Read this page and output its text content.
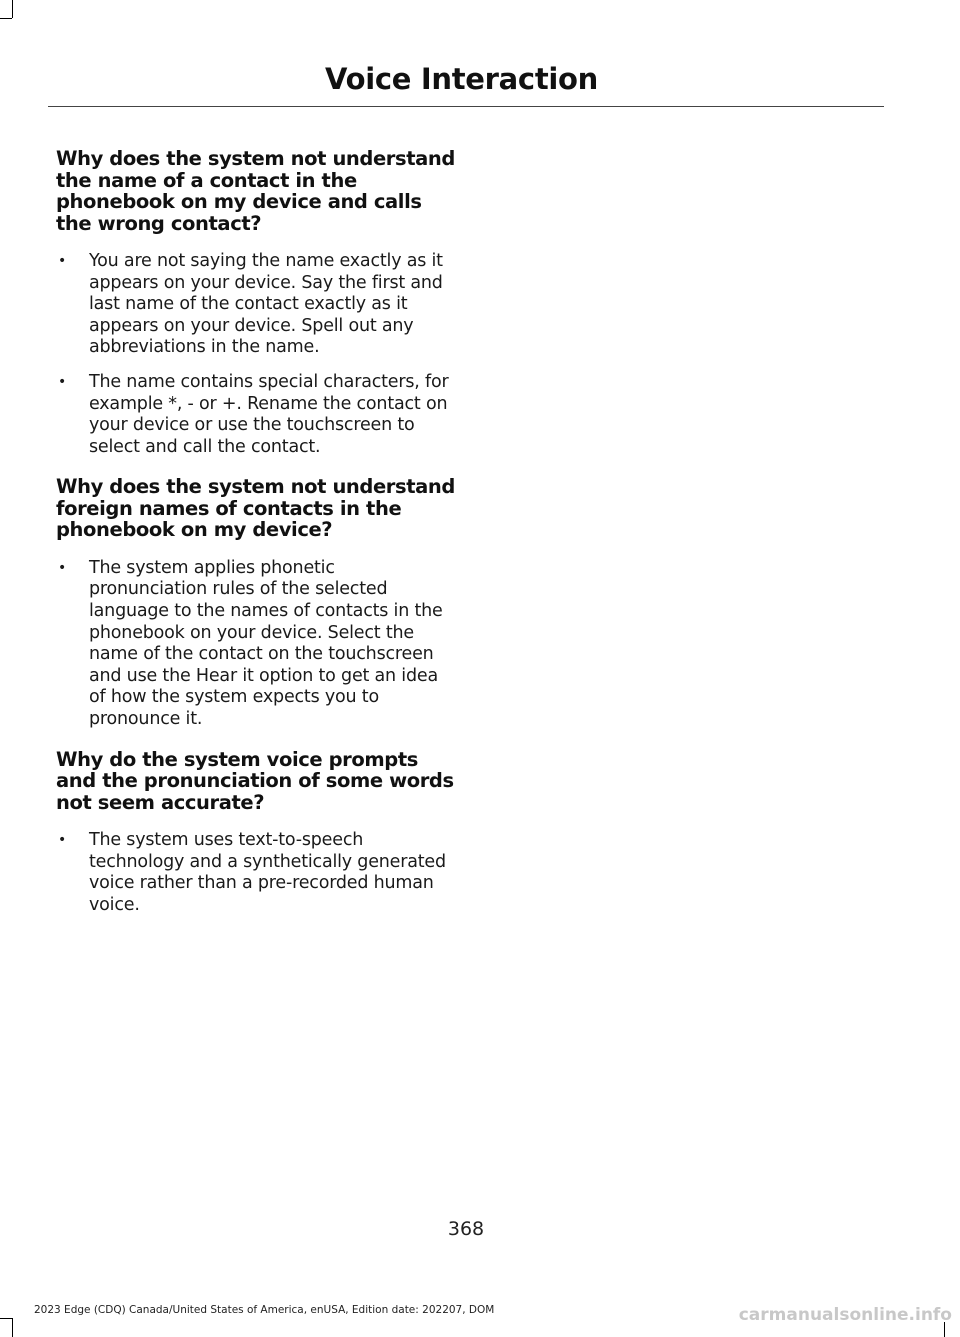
Voice Interaction
Why does the system not understand the name of a contact in the phonebook on my device and calls the wrong contact?
• You are not saying the name exactly as it appears on your device. Say the first and last name of the contact exactly as it appears on your device. Spell out any abbreviations in the name.
• The name contains special characters, for example *, - or +. Rename the contact on your device or use the touchscreen to select and call the contact.
Why does the system not understand foreign names of contacts in the phonebook on my device?
• The system applies phonetic pronunciation rules of the selected language to the names of contacts in the phonebook on your device. Select the name of the contact on the touchscreen and use the Hear it option to get an idea of how the system expects you to pronounce it.
Why do the system voice prompts and the pronunciation of some words not seem accurate?
• The system uses text-to-speech technology and a synthetically generated voice rather than a pre-recorded human voice.
368
2023 Edge (CDQ) Canada/United States of America, enUSA, Edition date: 202207, DOM	carmanualsonline.info
